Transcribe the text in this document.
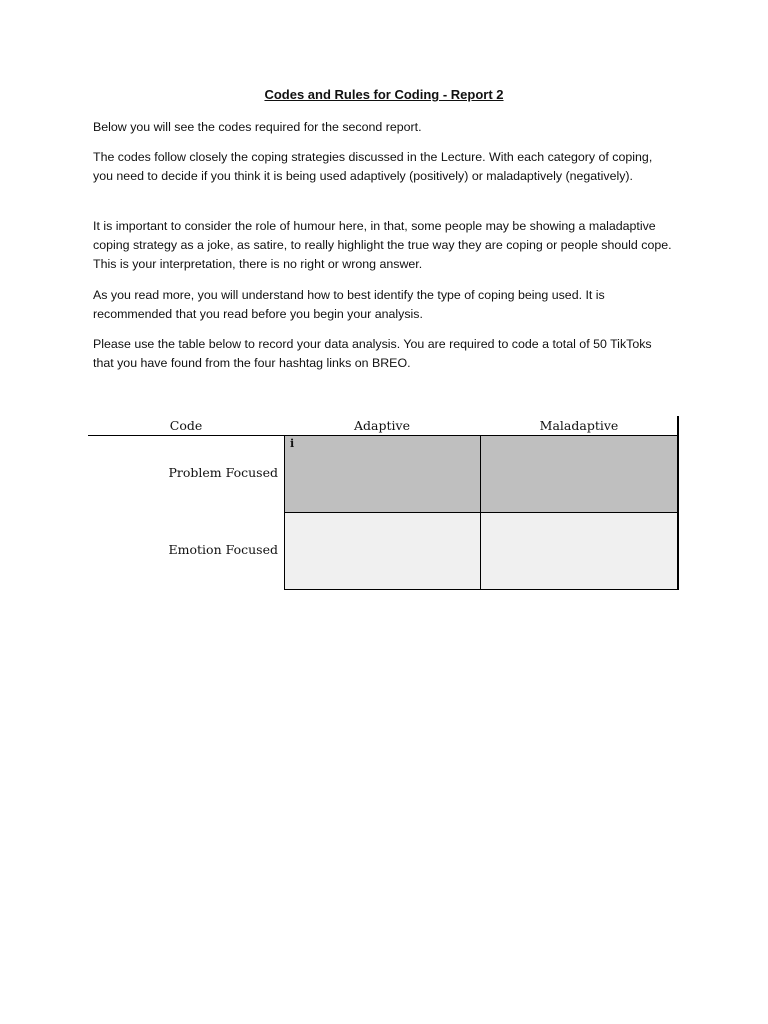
Codes and Rules for Coding - Report 2

Below you will see the codes required for the second report.

The codes follow closely the coping strategies discussed in the Lecture. With each category of coping, you need to decide if you think it is being used adaptively (positively) or maladaptively (negatively).

It is important to consider the role of humour here, in that, some people may be showing a maladaptive coping strategy as a joke, as satire, to really highlight the true way they are coping or people should cope. This is your interpretation, there is no right or wrong answer.

As you read more, you will understand how to best identify the type of coping being used. It is recommended that you read before you begin your analysis.

Please use the table below to record your data analysis. You are required to code a total of 50 TikToks that you have found from the four hashtag links on BREO.

Code	Adaptive	Maladaptive
Problem Focused
Emotion Focused
i
